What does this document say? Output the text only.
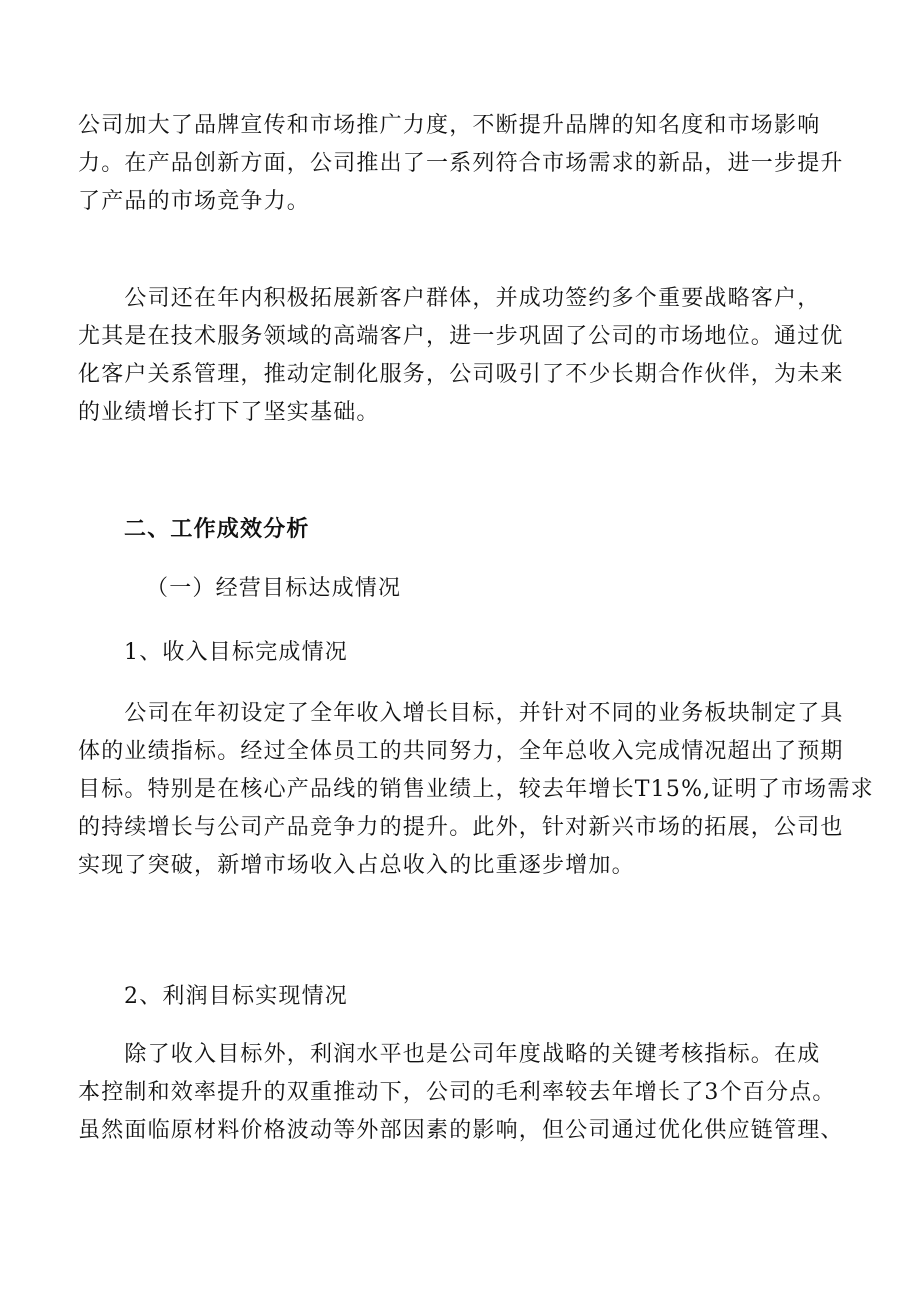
公司加大了品牌宣传和市场推广力度，不断提升品牌的知名度和市场影响
力。在产品创新方面，公司推出了一系列符合市场需求的新品，进一步提升
了产品的市场竞争力。

　　公司还在年内积极拓展新客户群体，并成功签约多个重要战略客户，
尤其是在技术服务领域的高端客户，进一步巩固了公司的市场地位。通过优
化客户关系管理，推动定制化服务，公司吸引了不少长期合作伙伴，为未来
的业绩增长打下了坚实基础。

二、工作成效分析
（一）经营目标达成情况
1、收入目标完成情况

　　公司在年初设定了全年收入增长目标，并针对不同的业务板块制定了具
体的业绩指标。经过全体员工的共同努力，全年总收入完成情况超出了预期
目标。特别是在核心产品线的销售业绩上，较去年增长T15%,证明了市场需求
的持续增长与公司产品竞争力的提升。此外，针对新兴市场的拓展，公司也
实现了突破，新增市场收入占总收入的比重逐步增加。

2、利润目标实现情况

　　除了收入目标外，利润水平也是公司年度战略的关键考核指标。在成
本控制和效率提升的双重推动下，公司的毛利率较去年增长了3个百分点。
虽然面临原材料价格波动等外部因素的影响，但公司通过优化供应链管理、
